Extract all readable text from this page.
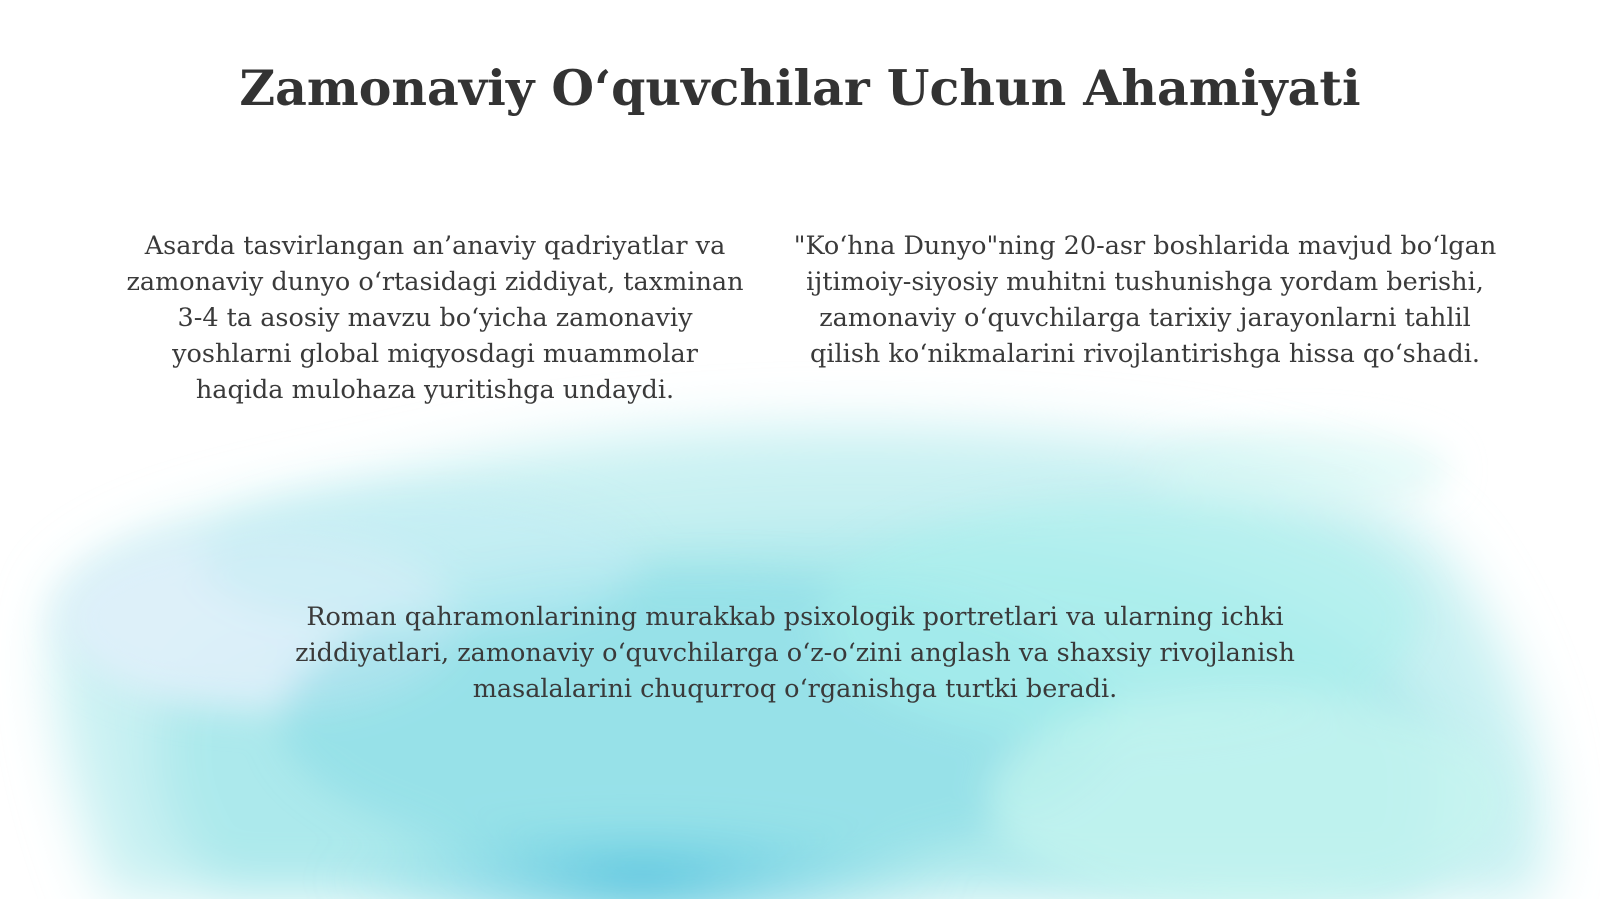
Zamonaviy O‘quvchilar Uchun Ahamiyati

Asarda tasvirlangan an’anaviy qadriyatlar va zamonaviy dunyo o‘rtasidagi ziddiyat, taxminan 3-4 ta asosiy mavzu bo‘yicha zamonaviy yoshlarni global miqyosdagi muammolar haqida mulohaza yuritishga undaydi.

"Ko‘hna Dunyo"ning 20-asr boshlarida mavjud bo‘lgan ijtimoiy-siyosiy muhitni tushunishga yordam berishi, zamonaviy o‘quvchilarga tarixiy jarayonlarni tahlil qilish ko‘nikmalarini rivojlantirishga hissa qo‘shadi.

Roman qahramonlarining murakkab psixologik portretlari va ularning ichki ziddiyatlari, zamonaviy o‘quvchilarga o‘z-o‘zini anglash va shaxsiy rivojlanish masalalarini chuqurroq o‘rganishga turtki beradi.
